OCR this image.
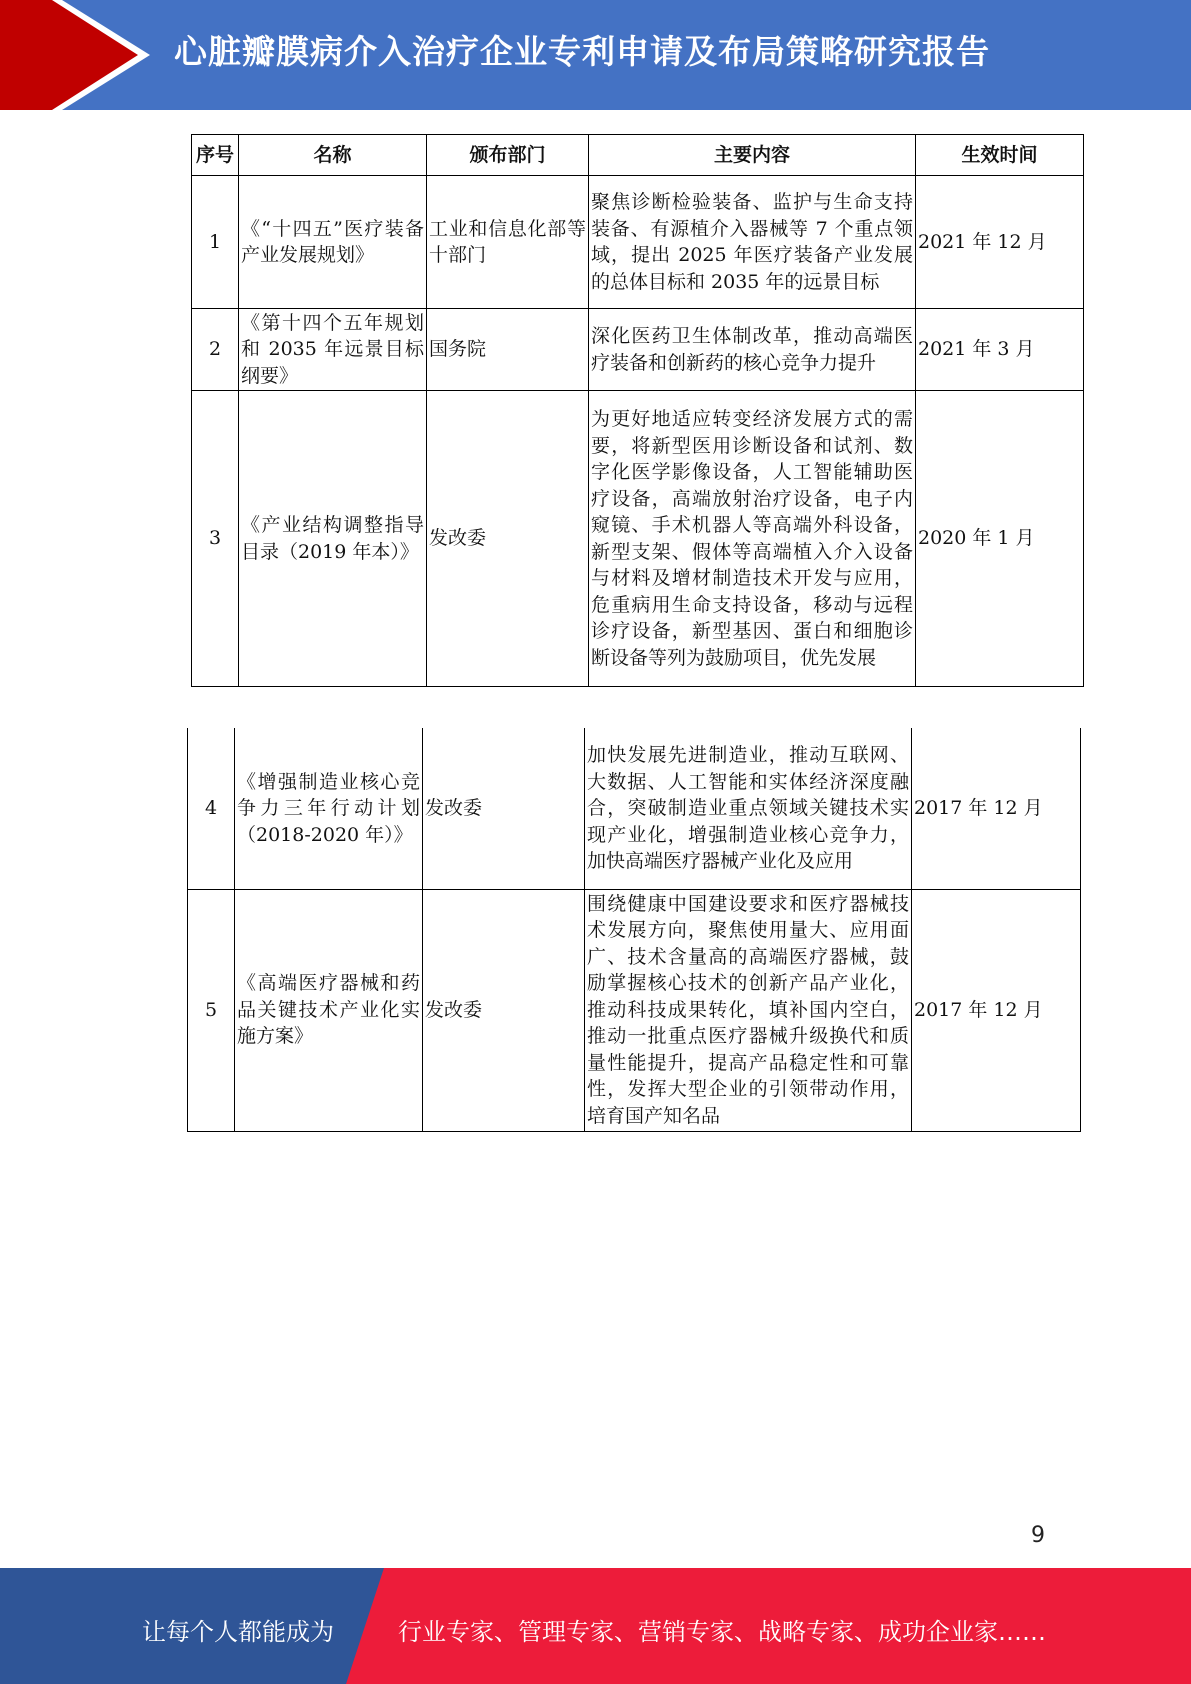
心脏瓣膜病介入治疗企业专利申请及布局策略研究报告
序号	名称	颁布部门	主要内容	生效时间
1	《“十四五”医疗装备产业发展规划》	工业和信息化部等十部门	聚焦诊断检验装备、监护与生命支持装备、有源植介入器械等 7 个重点领域，提出 2025 年医疗装备产业发展的总体目标和 2035 年的远景目标	2021 年 12 月
2	《第十四个五年规划和 2035 年远景目标纲要》	国务院	深化医药卫生体制改革，推动高端医疗装备和创新药的核心竞争力提升	2021 年 3 月
3	《产业结构调整指导目录（2019 年本）》	发改委	为更好地适应转变经济发展方式的需要，将新型医用诊断设备和试剂、数字化医学影像设备，人工智能辅助医疗设备，高端放射治疗设备，电子内窥镜、手术机器人等高端外科设备，新型支架、假体等高端植入介入设备与材料及增材制造技术开发与应用，危重病用生命支持设备，移动与远程诊疗设备，新型基因、蛋白和细胞诊断设备等列为鼓励项目，优先发展	2020 年 1 月
4	《增强制造业核心竞争力三年行动计划 （2018-2020 年）》	发改委	加快发展先进制造业，推动互联网、大数据、人工智能和实体经济深度融合，突破制造业重点领域关键技术实现产业化，增强制造业核心竞争力，加快高端医疗器械产业化及应用	2017 年 12 月
5	《高端医疗器械和药品关键技术产业化实施方案》	发改委	围绕健康中国建设要求和医疗器械技术发展方向，聚焦使用量大、应用面广、技术含量高的高端医疗器械，鼓励掌握核心技术的创新产品产业化，推动科技成果转化，填补国内空白，推动一批重点医疗器械升级换代和质量性能提升，提高产品稳定性和可靠性，发挥大型企业的引领带动作用，培育国产知名品	2017 年 12 月
9
让每个人都能成为	行业专家、管理专家、营销专家、战略专家、成功企业家……
